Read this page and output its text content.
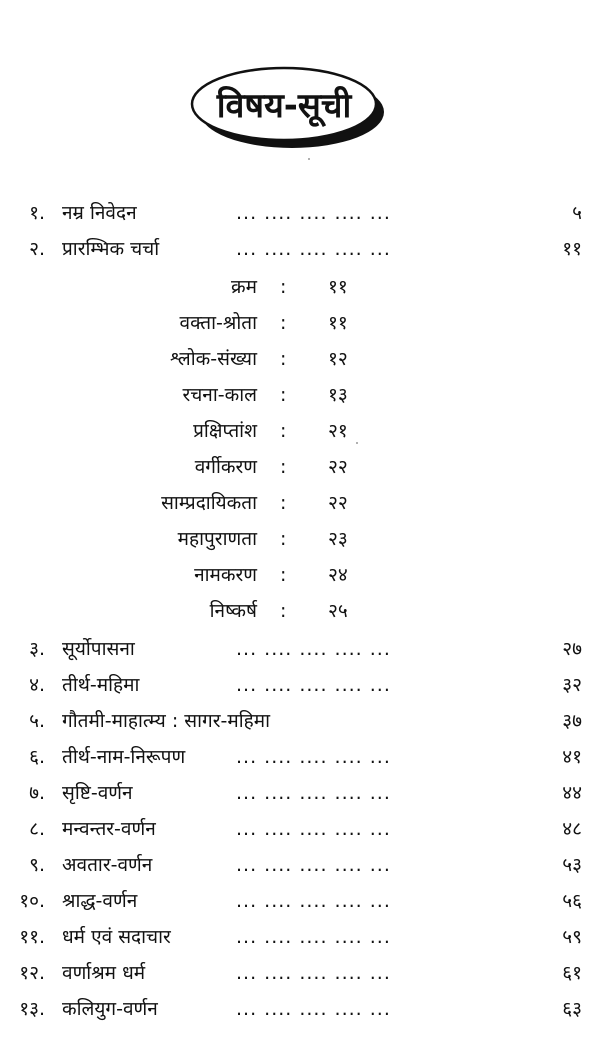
विषय-सूची
१. नम्र निवेदन	... .... .... .... ...	५
२. प्रारम्भिक चर्चा	... .... .... .... ...	११
क्रम : ११
वक्ता-श्रोता : ११
श्लोक-संख्या : १२
रचना-काल : १३
प्रक्षिप्तांश : २१
वर्गीकरण : २२
साम्प्रदायिकता : २२
महापुराणता : २३
नामकरण : २४
निष्कर्ष : २५
३. सूर्योपासना	... .... .... .... ...	२७
४. तीर्थ-महिमा	... .... .... .... ...	३२
५. गौतमी-माहात्म्य : सागर-महिमा	३७
६. तीर्थ-नाम-निरूपण	... .... .... .... ...	४१
७. सृष्टि-वर्णन	... .... .... .... ...	४४
८. मन्वन्तर-वर्णन	... .... .... .... ...	४८
९. अवतार-वर्णन	... .... .... .... ...	५३
१०. श्राद्ध-वर्णन	... .... .... .... ...	५६
११. धर्म एवं सदाचार	... .... .... .... ...	५९
१२. वर्णाश्रम धर्म	... .... .... .... ...	६१
१३. कलियुग-वर्णन	... .... .... .... ...	६३
